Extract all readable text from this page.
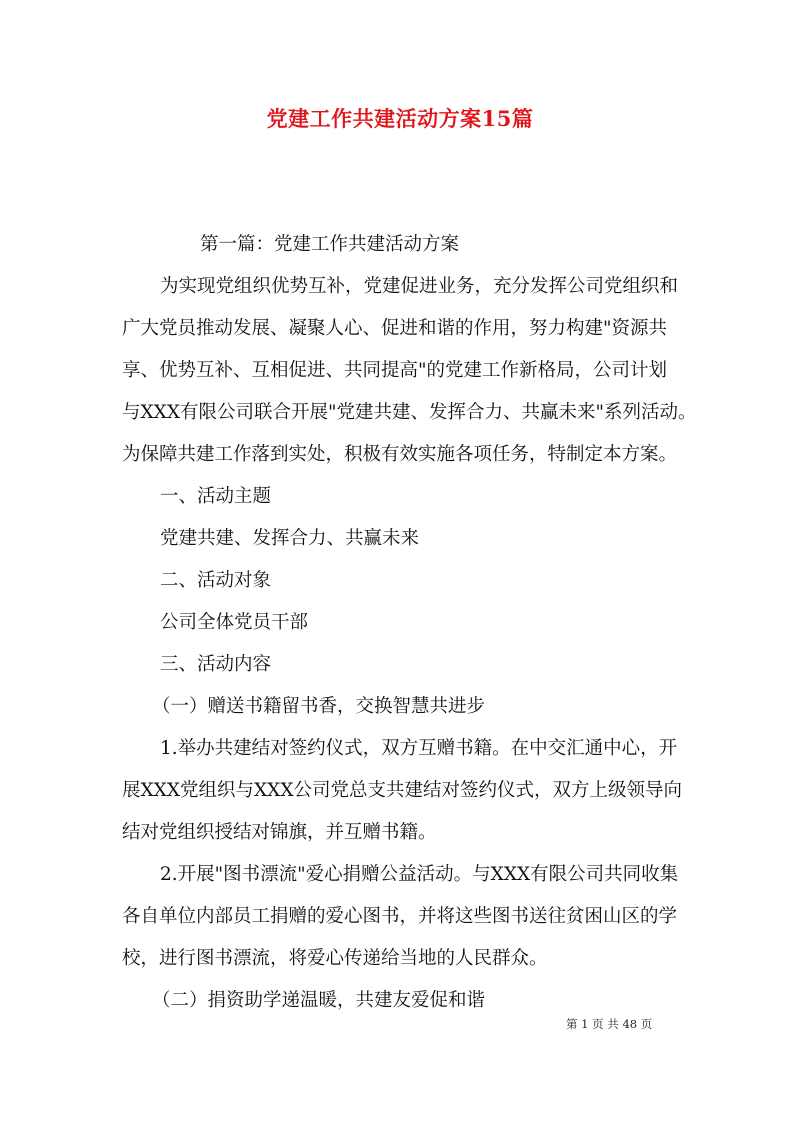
党建工作共建活动方案15篇
第一篇：党建工作共建活动方案
为实现党组织优势互补，党建促进业务，充分发挥公司党组织和
广大党员推动发展、凝聚人心、促进和谐的作用，努力构建"资源共
享、优势互补、互相促进、共同提高"的党建工作新格局，公司计划
与XXX有限公司联合开展"党建共建、发挥合力、共赢未来"系列活动。
为保障共建工作落到实处，积极有效实施各项任务，特制定本方案。
一、活动主题
党建共建、发挥合力、共赢未来
二、活动对象
公司全体党员干部
三、活动内容
（一）赠送书籍留书香，交换智慧共进步
1.举办共建结对签约仪式，双方互赠书籍。在中交汇通中心，开
展XXX党组织与XXX公司党总支共建结对签约仪式，双方上级领导向
结对党组织授结对锦旗，并互赠书籍。
2.开展"图书漂流"爱心捐赠公益活动。与XXX有限公司共同收集
各自单位内部员工捐赠的爱心图书，并将这些图书送往贫困山区的学
校，进行图书漂流，将爱心传递给当地的人民群众。
（二）捐资助学递温暖，共建友爱促和谐
第 1 页 共 48 页
